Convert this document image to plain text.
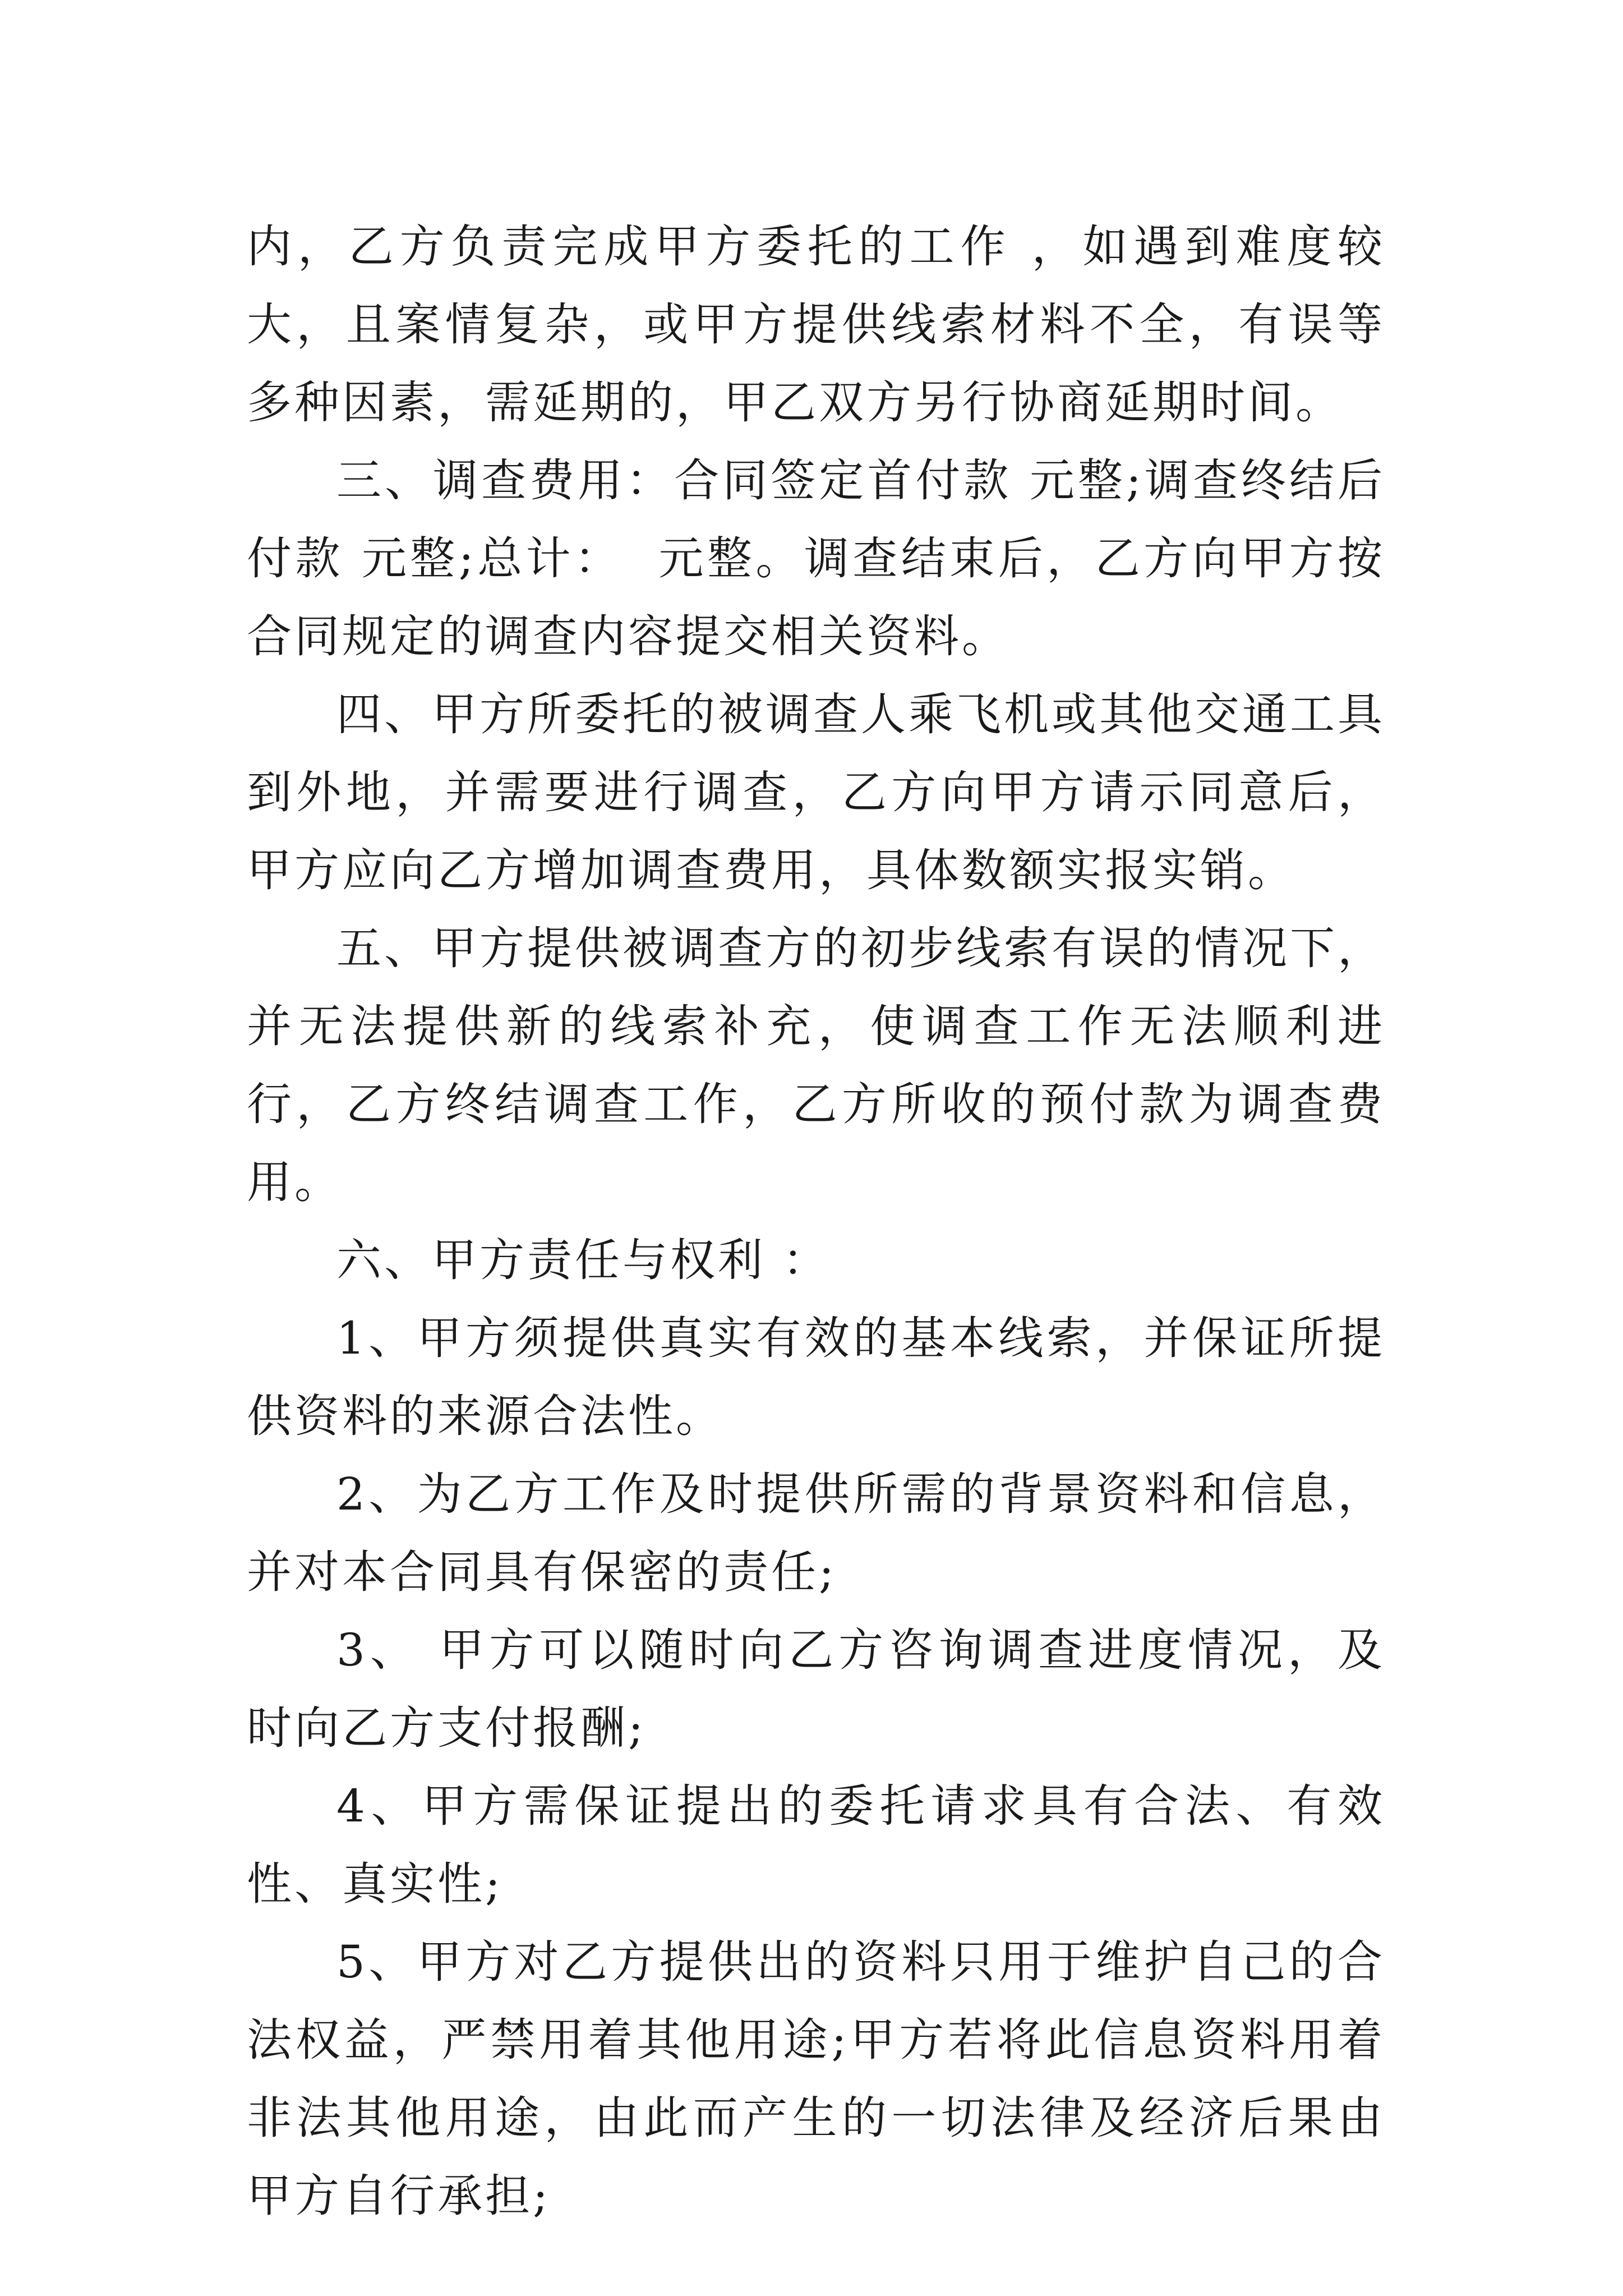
内，乙方负责完成甲方委托的工作 ，如遇到难度较大，且案情复杂，或甲方提供线索材料不全，有误等多种因素，需延期的，甲乙双方另行协商延期时间。

三、调查费用：合同签定首付款 元整;调查终结后付款 元整;总计：  元整。调查结束后，乙方向甲方按合同规定的调查内容提交相关资料。

四、甲方所委托的被调查人乘飞机或其他交通工具到外地，并需要进行调查，乙方向甲方请示同意后，甲方应向乙方增加调查费用，具体数额实报实销。

五、甲方提供被调查方的初步线索有误的情况下，并无法提供新的线索补充，使调查工作无法顺利进行，乙方终结调查工作，乙方所收的预付款为调查费用。

六、甲方责任与权利 ：

1、甲方须提供真实有效的基本线索，并保证所提供资料的来源合法性。

2、为乙方工作及时提供所需的背景资料和信息，并对本合同具有保密的责任;

3、 甲方可以随时向乙方咨询调查进度情况，及时向乙方支付报酬;

4、甲方需保证提出的委托请求具有合法、有效性、真实性;

5、甲方对乙方提供出的资料只用于维护自己的合法权益，严禁用着其他用途;甲方若将此信息资料用着非法其他用途，由此而产生的一切法律及经济后果由甲方自行承担;
